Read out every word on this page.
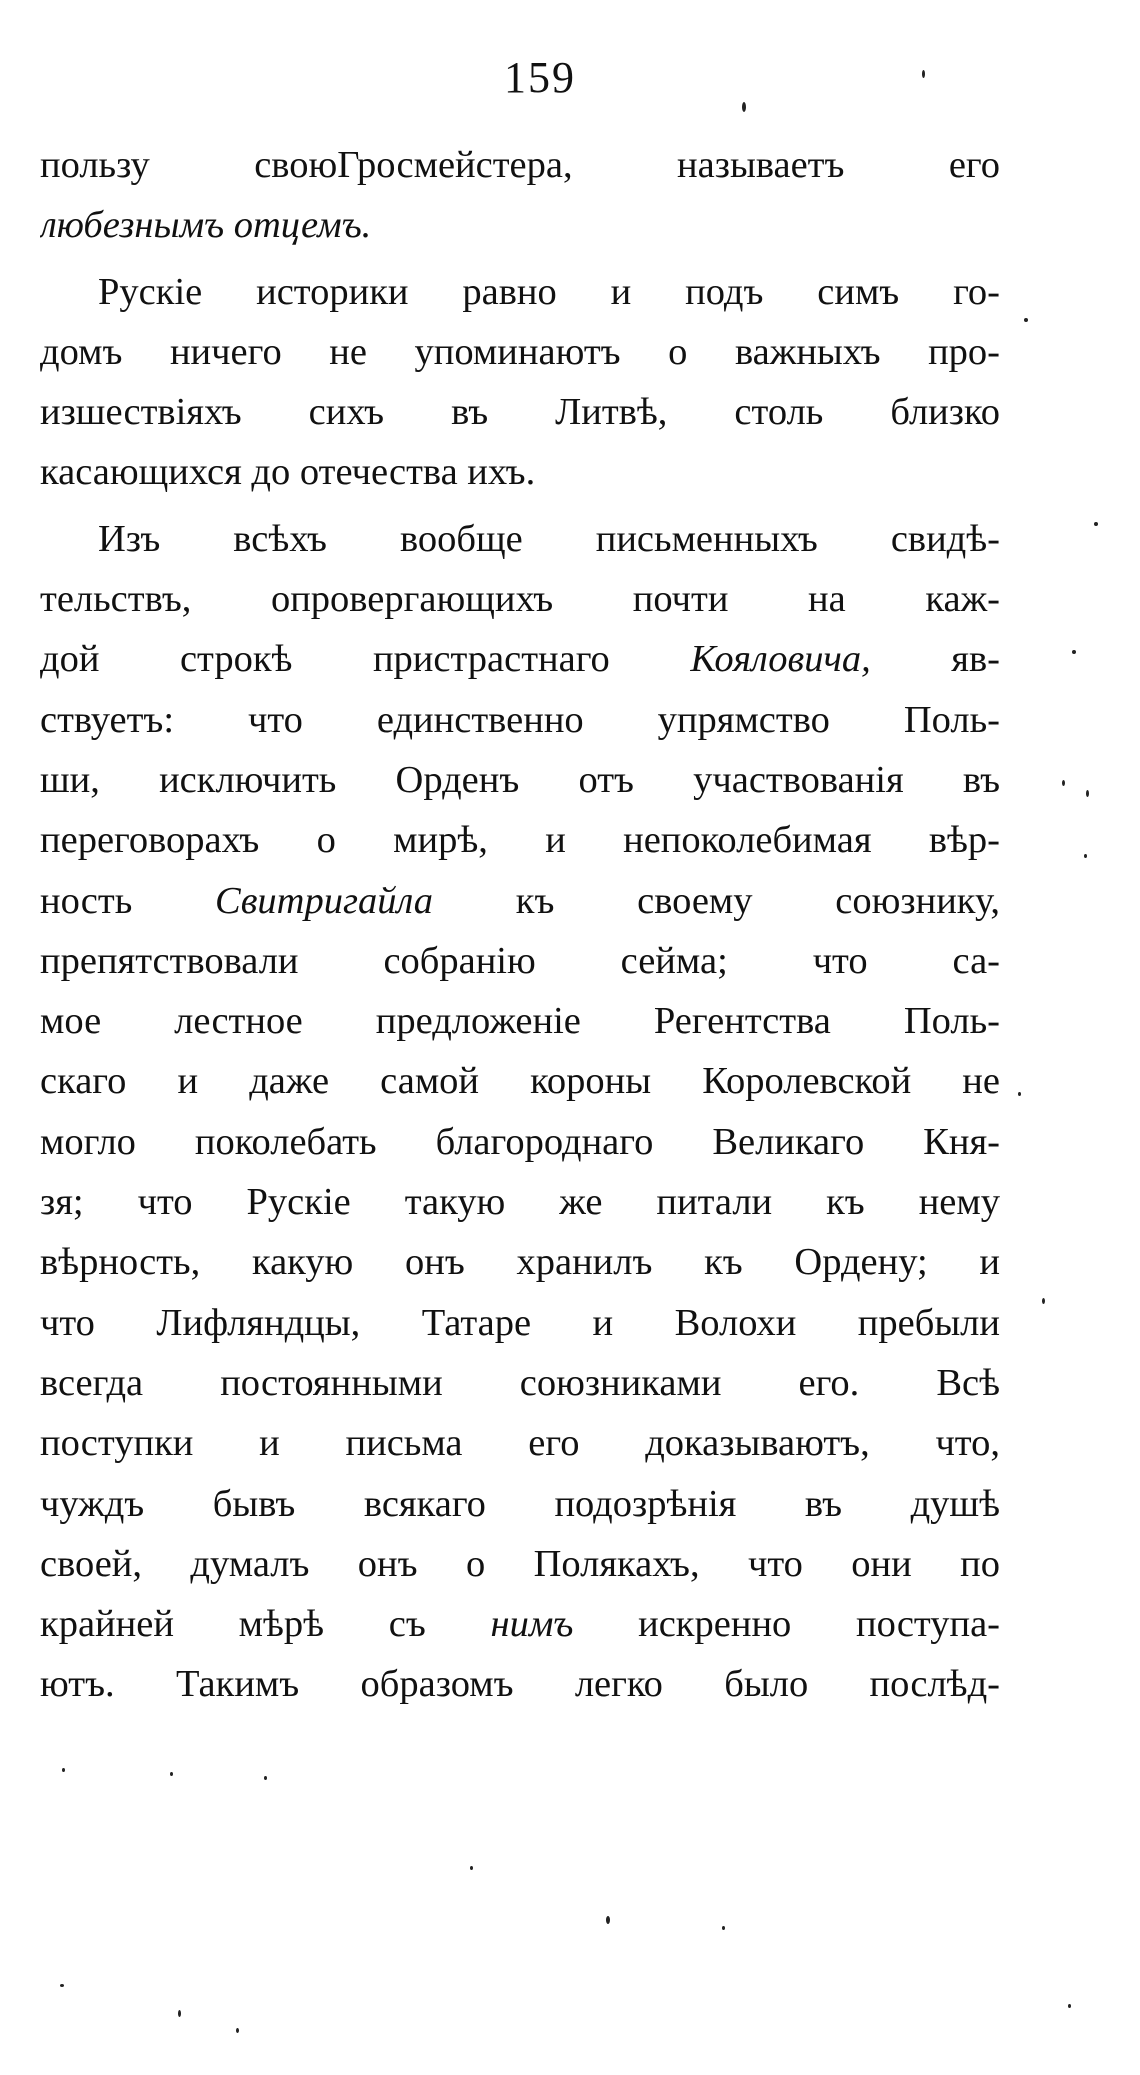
159
пользу своюГросмейстера, называетъ его
любезнымъ отцемъ.
Руcкie историки равно и подъ симъ го-
домъ ничего не упоминаютъ о важныхъ про-
изшествіяхъ сихъ въ Литвѣ, столь близко
касающихся до отечества ихъ.
Изъ всѣхъ вообще письменныхъ свидѣ-
тельствъ, опровергающихъ почти на каж-
дой строкѣ пристрастнаго Кояловича, яв-
ствуетъ: что единственно упрямство Поль-
ши, исключить Орденъ отъ участвованія въ
переговорахъ о мирѣ, и непоколебимая вѣр-
ность Свитригайла къ своему союзнику,
препятствовали собранію сейма; что са-
мое лестное предложеніе Регентства Поль-
скаго и даже самой короны Королевской не
могло поколебать благороднаго Великаго Кня-
зя; что Руcкie такую же питали къ нему
вѣрность, какую онъ хранилъ къ Ордену; и
что Лифляндцы, Татаре и Волохи пребыли
всегда постоянными союзниками его. Всѣ
поступки и письма его доказываютъ, что,
чуждъ бывъ всякаго подозрѣнія въ душѣ
своей, думалъ онъ о Полякахъ, что они по
крайней мѣрѣ съ нимъ искренно поступа-
ютъ. Такимъ образомъ легко было послѣд-
